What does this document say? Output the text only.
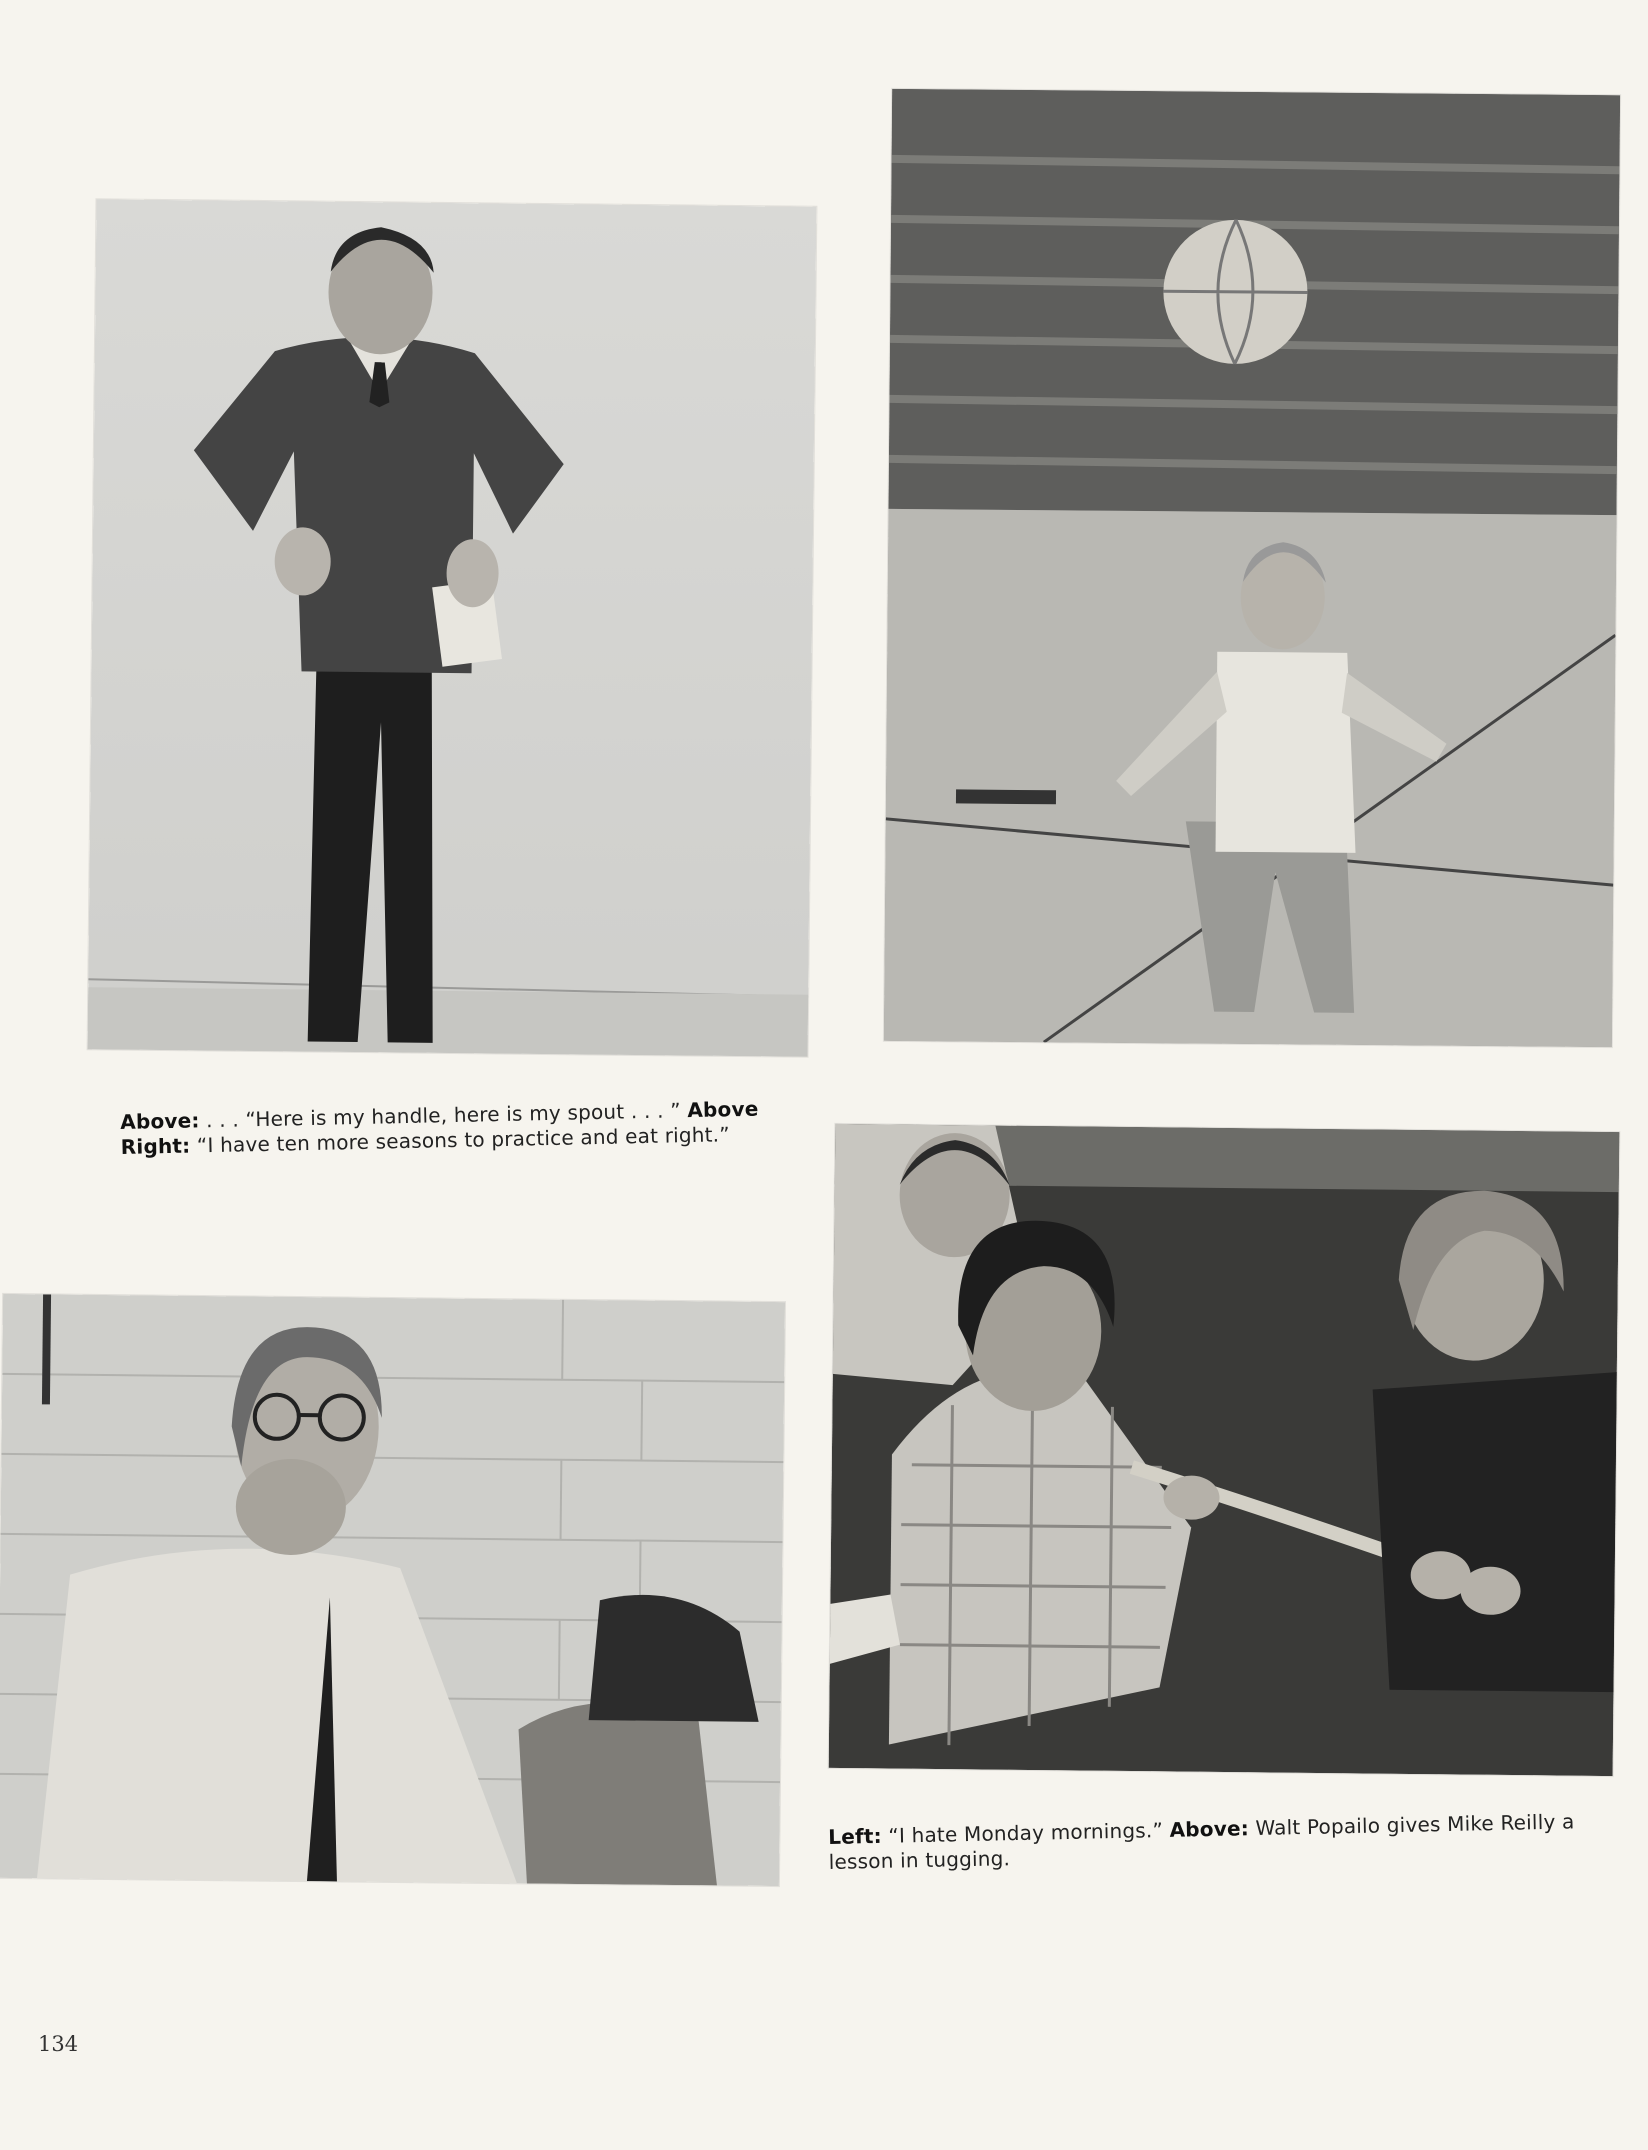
Above: . . . “Here is my handle, here is my spout . . . ” Above Right: “I have ten more seasons to practice and eat right.”
Left: “I hate Monday mornings.” Above: Walt Popailo gives Mike Reilly a lesson in tugging.
134
